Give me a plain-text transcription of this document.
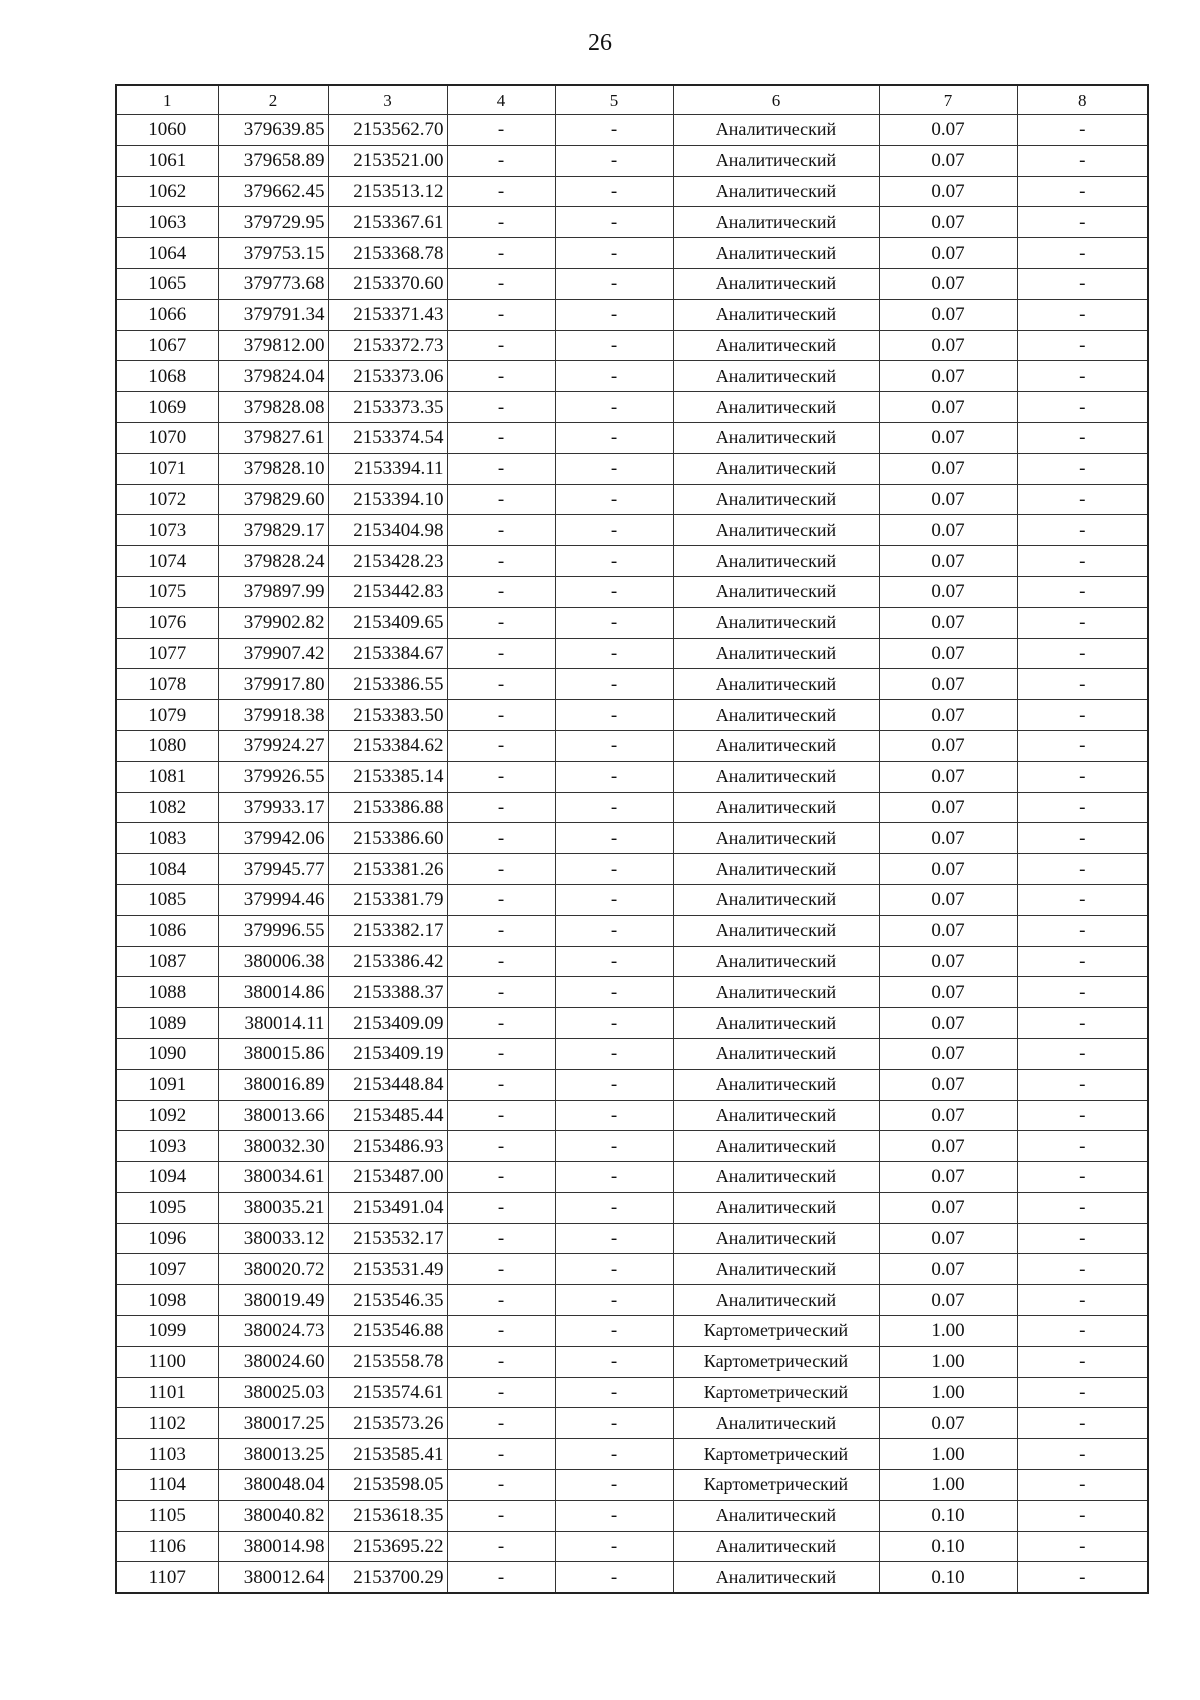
26
1	2	3	4	5	6	7	8
1060	379639.85	2153562.70	-	-	Аналитический	0.07	-
1061	379658.89	2153521.00	-	-	Аналитический	0.07	-
1062	379662.45	2153513.12	-	-	Аналитический	0.07	-
1063	379729.95	2153367.61	-	-	Аналитический	0.07	-
1064	379753.15	2153368.78	-	-	Аналитический	0.07	-
1065	379773.68	2153370.60	-	-	Аналитический	0.07	-
1066	379791.34	2153371.43	-	-	Аналитический	0.07	-
1067	379812.00	2153372.73	-	-	Аналитический	0.07	-
1068	379824.04	2153373.06	-	-	Аналитический	0.07	-
1069	379828.08	2153373.35	-	-	Аналитический	0.07	-
1070	379827.61	2153374.54	-	-	Аналитический	0.07	-
1071	379828.10	2153394.11	-	-	Аналитический	0.07	-
1072	379829.60	2153394.10	-	-	Аналитический	0.07	-
1073	379829.17	2153404.98	-	-	Аналитический	0.07	-
1074	379828.24	2153428.23	-	-	Аналитический	0.07	-
1075	379897.99	2153442.83	-	-	Аналитический	0.07	-
1076	379902.82	2153409.65	-	-	Аналитический	0.07	-
1077	379907.42	2153384.67	-	-	Аналитический	0.07	-
1078	379917.80	2153386.55	-	-	Аналитический	0.07	-
1079	379918.38	2153383.50	-	-	Аналитический	0.07	-
1080	379924.27	2153384.62	-	-	Аналитический	0.07	-
1081	379926.55	2153385.14	-	-	Аналитический	0.07	-
1082	379933.17	2153386.88	-	-	Аналитический	0.07	-
1083	379942.06	2153386.60	-	-	Аналитический	0.07	-
1084	379945.77	2153381.26	-	-	Аналитический	0.07	-
1085	379994.46	2153381.79	-	-	Аналитический	0.07	-
1086	379996.55	2153382.17	-	-	Аналитический	0.07	-
1087	380006.38	2153386.42	-	-	Аналитический	0.07	-
1088	380014.86	2153388.37	-	-	Аналитический	0.07	-
1089	380014.11	2153409.09	-	-	Аналитический	0.07	-
1090	380015.86	2153409.19	-	-	Аналитический	0.07	-
1091	380016.89	2153448.84	-	-	Аналитический	0.07	-
1092	380013.66	2153485.44	-	-	Аналитический	0.07	-
1093	380032.30	2153486.93	-	-	Аналитический	0.07	-
1094	380034.61	2153487.00	-	-	Аналитический	0.07	-
1095	380035.21	2153491.04	-	-	Аналитический	0.07	-
1096	380033.12	2153532.17	-	-	Аналитический	0.07	-
1097	380020.72	2153531.49	-	-	Аналитический	0.07	-
1098	380019.49	2153546.35	-	-	Аналитический	0.07	-
1099	380024.73	2153546.88	-	-	Картометрический	1.00	-
1100	380024.60	2153558.78	-	-	Картометрический	1.00	-
1101	380025.03	2153574.61	-	-	Картометрический	1.00	-
1102	380017.25	2153573.26	-	-	Аналитический	0.07	-
1103	380013.25	2153585.41	-	-	Картометрический	1.00	-
1104	380048.04	2153598.05	-	-	Картометрический	1.00	-
1105	380040.82	2153618.35	-	-	Аналитический	0.10	-
1106	380014.98	2153695.22	-	-	Аналитический	0.10	-
1107	380012.64	2153700.29	-	-	Аналитический	0.10	-
